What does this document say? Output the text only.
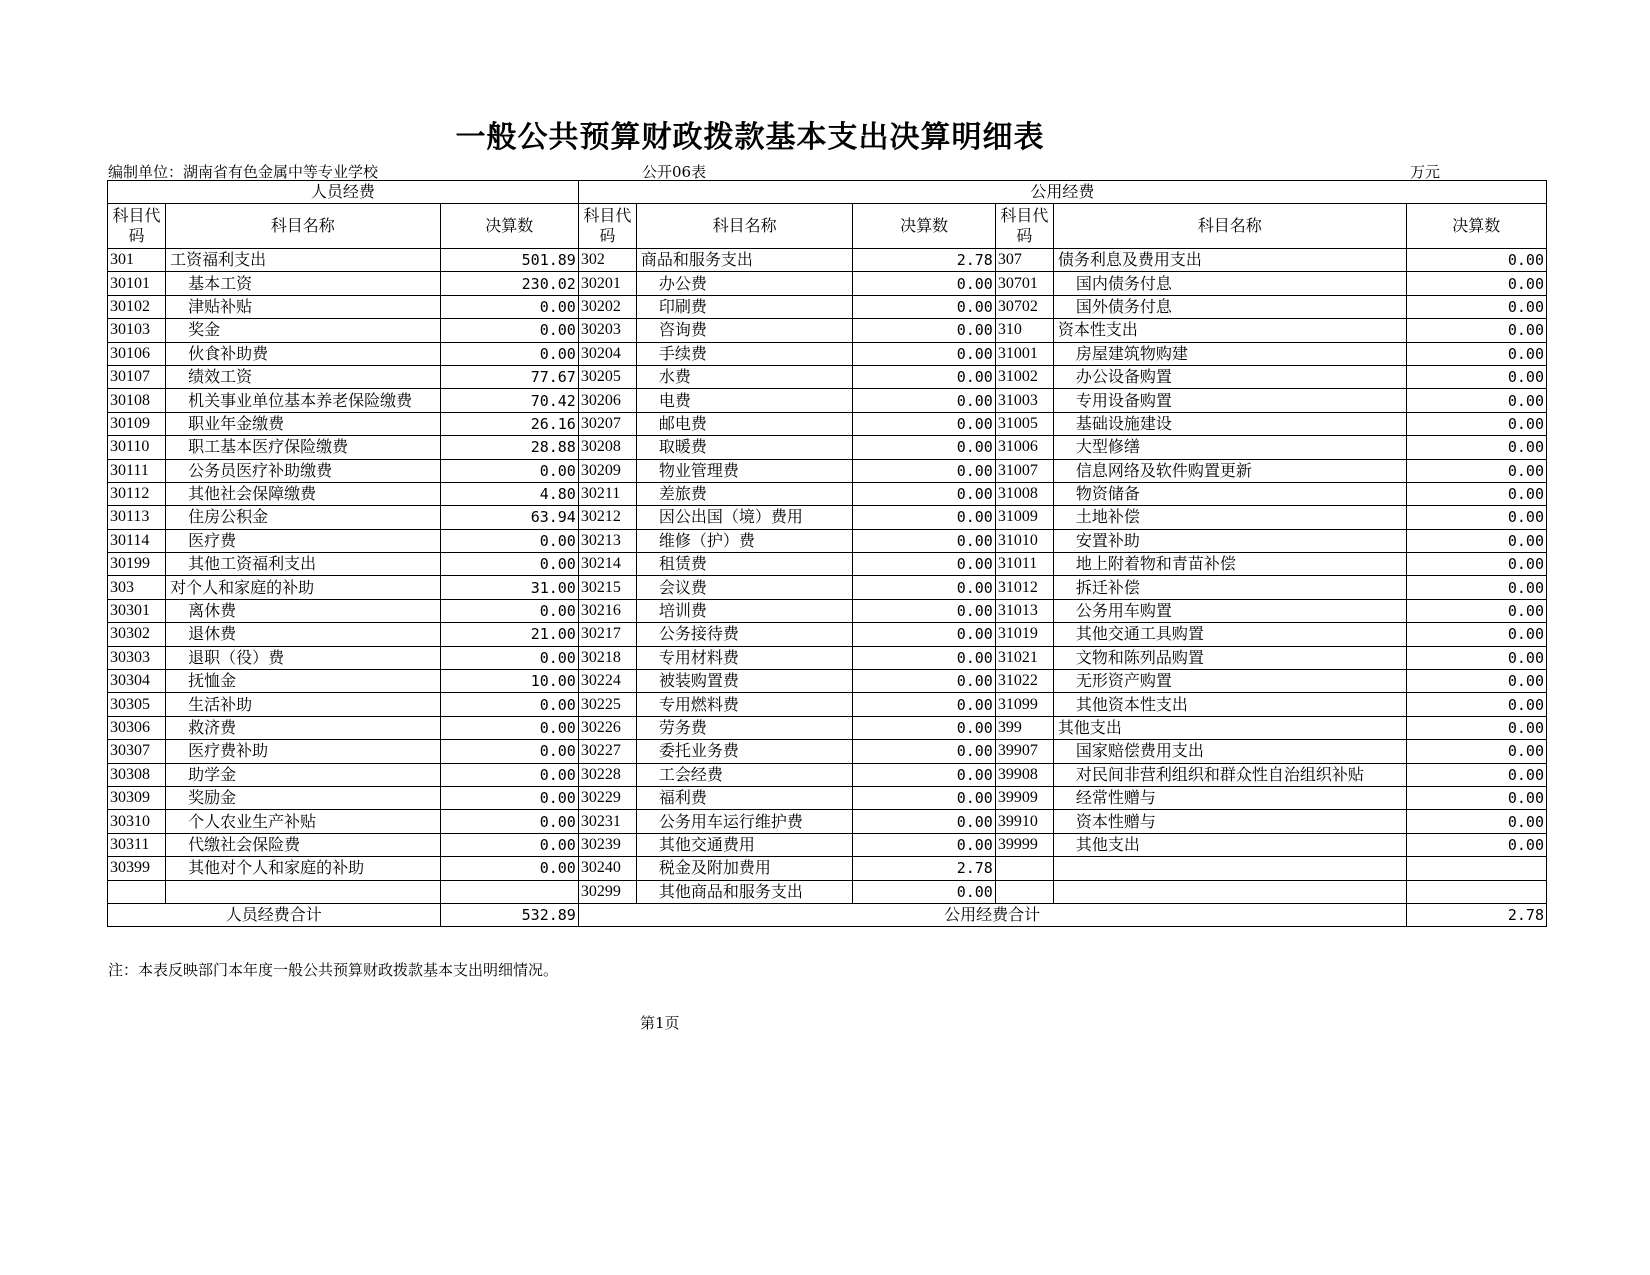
一般公共预算财政拨款基本支出决算明细表
编制单位：湖南省有色金属中等专业学校	公开06表	万元
人员经费			公用经费					
科目代码	科目名称	决算数	科目代码	科目名称	决算数	科目代码	科目名称	决算数
301	工资福利支出	501.89	302	商品和服务支出	2.78	307	债务利息及费用支出	0.00
30101	基本工资	230.02	30201	办公费	0.00	30701	国内债务付息	0.00
30102	津贴补贴	0.00	30202	印刷费	0.00	30702	国外债务付息	0.00
30103	奖金	0.00	30203	咨询费	0.00	310	资本性支出	0.00
30106	伙食补助费	0.00	30204	手续费	0.00	31001	房屋建筑物购建	0.00
30107	绩效工资	77.67	30205	水费	0.00	31002	办公设备购置	0.00
30108	机关事业单位基本养老保险缴费	70.42	30206	电费	0.00	31003	专用设备购置	0.00
30109	职业年金缴费	26.16	30207	邮电费	0.00	31005	基础设施建设	0.00
30110	职工基本医疗保险缴费	28.88	30208	取暖费	0.00	31006	大型修缮	0.00
30111	公务员医疗补助缴费	0.00	30209	物业管理费	0.00	31007	信息网络及软件购置更新	0.00
30112	其他社会保障缴费	4.80	30211	差旅费	0.00	31008	物资储备	0.00
30113	住房公积金	63.94	30212	因公出国（境）费用	0.00	31009	土地补偿	0.00
30114	医疗费	0.00	30213	维修（护）费	0.00	31010	安置补助	0.00
30199	其他工资福利支出	0.00	30214	租赁费	0.00	31011	地上附着物和青苗补偿	0.00
303	对个人和家庭的补助	31.00	30215	会议费	0.00	31012	拆迁补偿	0.00
30301	离休费	0.00	30216	培训费	0.00	31013	公务用车购置	0.00
30302	退休费	21.00	30217	公务接待费	0.00	31019	其他交通工具购置	0.00
30303	退职（役）费	0.00	30218	专用材料费	0.00	31021	文物和陈列品购置	0.00
30304	抚恤金	10.00	30224	被装购置费	0.00	31022	无形资产购置	0.00
30305	生活补助	0.00	30225	专用燃料费	0.00	31099	其他资本性支出	0.00
30306	救济费	0.00	30226	劳务费	0.00	399	其他支出	0.00
30307	医疗费补助	0.00	30227	委托业务费	0.00	39907	国家赔偿费用支出	0.00
30308	助学金	0.00	30228	工会经费	0.00	39908	对民间非营利组织和群众性自治组织补贴	0.00
30309	奖励金	0.00	30229	福利费	0.00	39909	经常性赠与	0.00
30310	个人农业生产补贴	0.00	30231	公务用车运行维护费	0.00	39910	资本性赠与	0.00
30311	代缴社会保险费	0.00	30239	其他交通费用	0.00	39999	其他支出	0.00
30399	其他对个人和家庭的补助	0.00	30240	税金及附加费用	2.78			
			30299	其他商品和服务支出	0.00			
人员经费合计		532.89	公用经费合计					2.78
注：本表反映部门本年度一般公共预算财政拨款基本支出明细情况。
第1页
